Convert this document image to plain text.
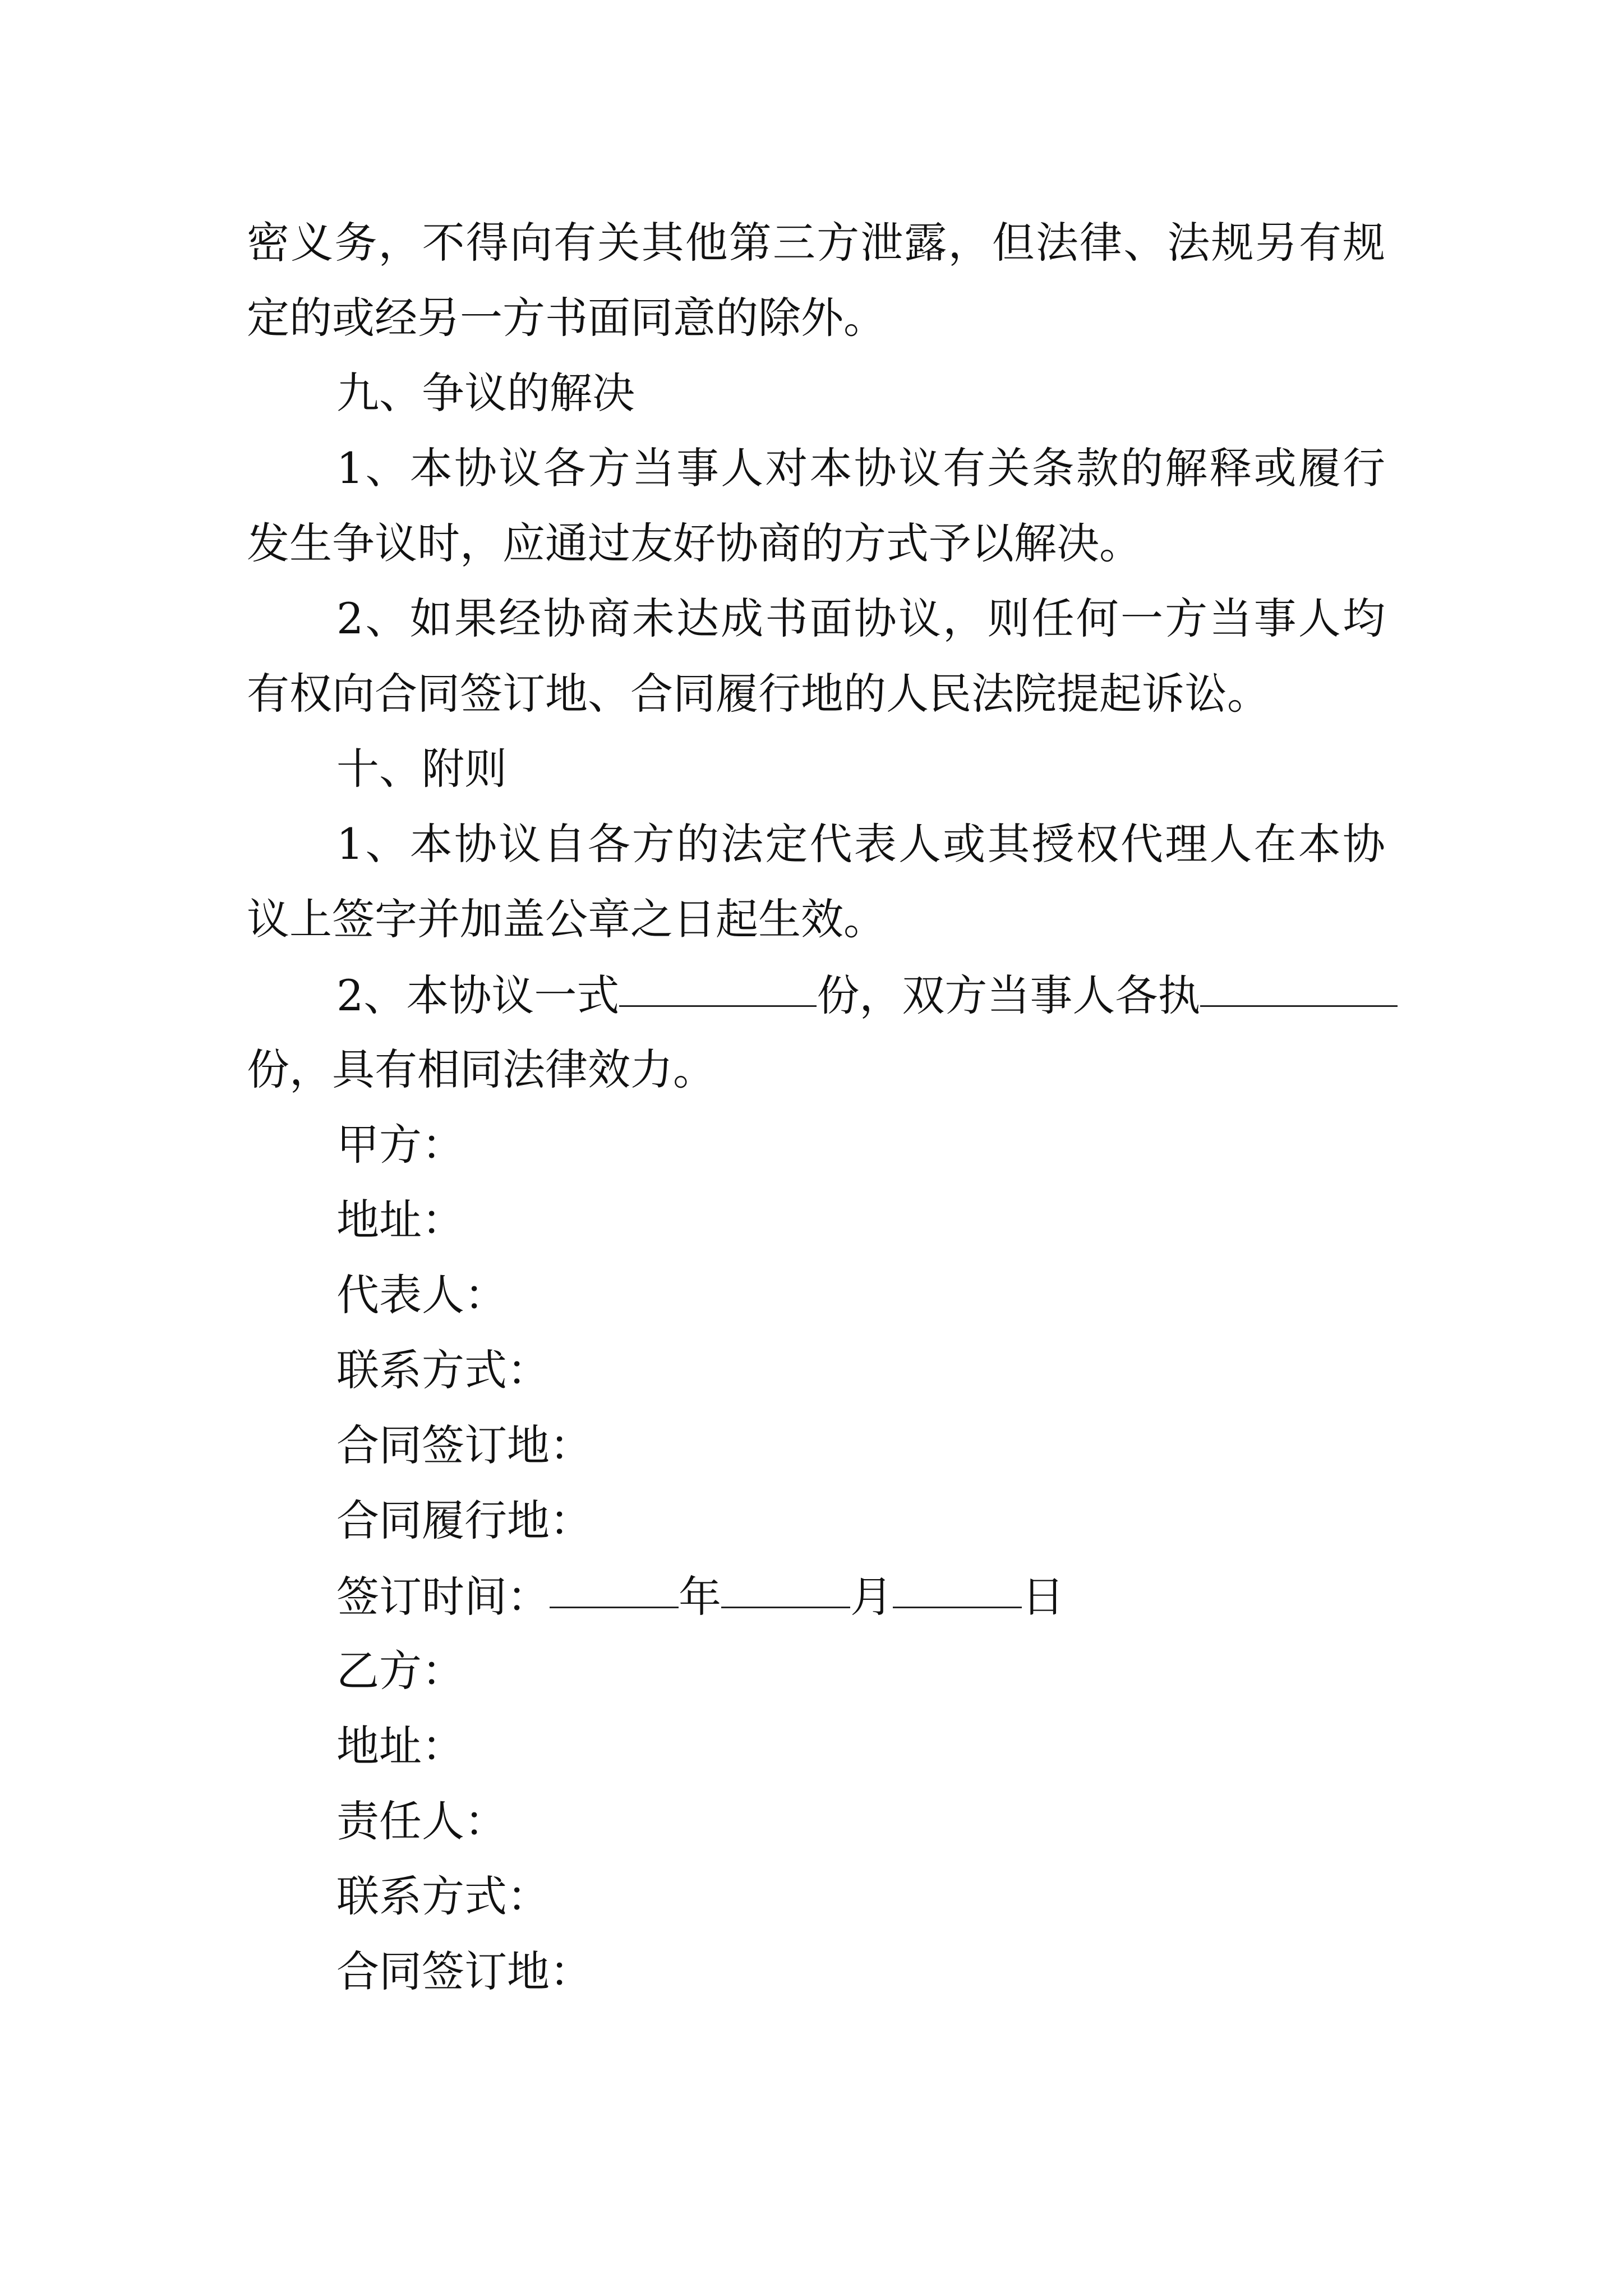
密义务，不得向有关其他第三方泄露，但法律、法规另有规
定的或经另一方书面同意的除外。
九、争议的解决
1、本协议各方当事人对本协议有关条款的解释或履行
发生争议时，应通过友好协商的方式予以解决。
2、如果经协商未达成书面协议，则任何一方当事人均
有权向合同签订地、合同履行地的人民法院提起诉讼。
十、附则
1、本协议自各方的法定代表人或其授权代理人在本协
议上签字并加盖公章之日起生效。
2、本协议一式	份，双方当事人各执
份，具有相同法律效力。
甲方：
地址：
代表人：
联系方式：
合同签订地：
合同履行地：
签订时间：	年	月	日
乙方：
地址：
责任人：
联系方式：
合同签订地：
